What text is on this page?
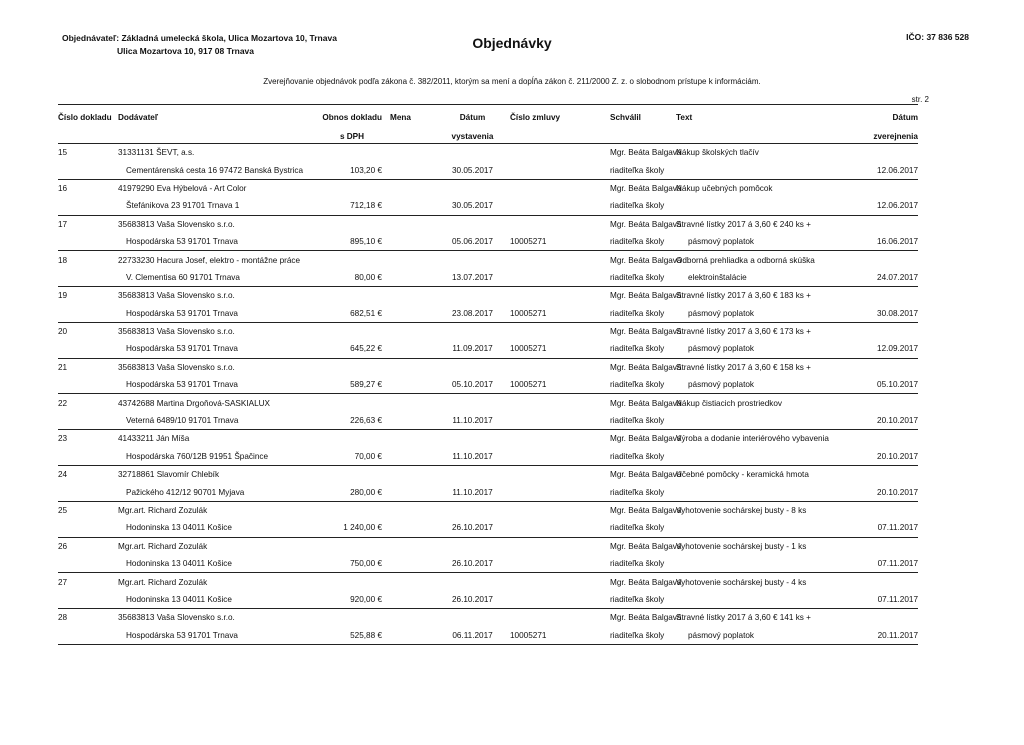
Objednávateľ: Základná umelecká škola, Ulica Mozartova 10, Trnava
Ulica Mozartova 10, 917 08 Trnava	Objednávky	IČO: 37 836 528
Zverejňovanie objednávok podľa zákona č. 382/2011, ktorým sa mení a dopĺňa zákon č. 211/2000 Z. z. o slobodnom prístupe k informáciám.
str. 2
Číslo dokladu	Dodávateľ	Obnos dokladu	Mena	Dátum	Číslo zmluvy	Schválil	Text	Dátum
		s DPH		vystavenia				zverejnenia
15	31331131 ŠEVT, a.s.					Mgr. Beáta Balgavá	Nákup školských tlačív	
	Cementárenská cesta 16 97472 Banská Bystrica	103,20 €		30.05.2017		riaditeľka školy		12.06.2017
16	41979290 Eva Hýbelová - Art Color					Mgr. Beáta Balgavá	Nákup učebných pomôcok	
	Štefánikova 23 91701 Trnava 1	712,18 €		30.05.2017		riaditeľka školy		12.06.2017
17	35683813 Vaša Slovensko s.r.o.					Mgr. Beáta Balgavá	Stravné lístky 2017 á 3,60 € 240 ks +	
	Hospodárska 53 91701 Trnava	895,10 €		05.06.2017	10005271	riaditeľka školy	pásmový poplatok	16.06.2017
18	22733230 Hacura Josef, elektro - montážne práce					Mgr. Beáta Balgavá	Odborná prehliadka a odborná skúška	
	V. Clementisa 60 91701 Trnava	80,00 €		13.07.2017		riaditeľka školy	elektroinštalácie	24.07.2017
19	35683813 Vaša Slovensko s.r.o.					Mgr. Beáta Balgavá	Stravné lístky 2017 á 3,60 € 183 ks +	
	Hospodárska 53 91701 Trnava	682,51 €		23.08.2017	10005271	riaditeľka školy	pásmový poplatok	30.08.2017
20	35683813 Vaša Slovensko s.r.o.					Mgr. Beáta Balgavá	Stravné lístky 2017 á 3,60 € 173 ks +	
	Hospodárska 53 91701 Trnava	645,22 €		11.09.2017	10005271	riaditeľka školy	pásmový poplatok	12.09.2017
21	35683813 Vaša Slovensko s.r.o.					Mgr. Beáta Balgavá	Stravné lístky 2017 á 3,60 € 158 ks +	
	Hospodárska 53 91701 Trnava	589,27 €		05.10.2017	10005271	riaditeľka školy	pásmový poplatok	05.10.2017
22	43742688 Martina Drgoňová-SASKIALUX					Mgr. Beáta Balgavá	Nákup čistiacich prostriedkov	
	Veterná 6489/10 91701 Trnava	226,63 €		11.10.2017		riaditeľka školy		20.10.2017
23	41433211 Ján Míša					Mgr. Beáta Balgavá	Výroba a dodanie interiérového vybavenia	
	Hospodárska 760/12B 91951 Špačince	70,00 €		11.10.2017		riaditeľka školy		20.10.2017
24	32718861 Slavomír Chlebík					Mgr. Beáta Balgavá	Učebné pomôcky - keramická hmota	
	Pažického 412/12 90701 Myjava	280,00 €		11.10.2017		riaditeľka školy		20.10.2017
25	Mgr.art. Richard Zozulák					Mgr. Beáta Balgavá	Vyhotovenie sochárskej busty - 8 ks	
	Hodoninska 13 04011 Košice	1 240,00 €		26.10.2017		riaditeľka školy		07.11.2017
26	Mgr.art. Richard Zozulák					Mgr. Beáta Balgavá	Vyhotovenie sochárskej busty - 1 ks	
	Hodoninska 13 04011 Košice	750,00 €		26.10.2017		riaditeľka školy		07.11.2017
27	Mgr.art. Richard Zozulák					Mgr. Beáta Balgavá	Vyhotovenie sochárskej busty - 4 ks	
	Hodoninska 13 04011 Košice	920,00 €		26.10.2017		riaditeľka školy		07.11.2017
28	35683813 Vaša Slovensko s.r.o.					Mgr. Beáta Balgavá	Stravné lístky 2017 á 3,60 € 141 ks +	
	Hospodárska 53 91701 Trnava	525,88 €		06.11.2017	10005271	riaditeľka školy	pásmový poplatok	20.11.2017
